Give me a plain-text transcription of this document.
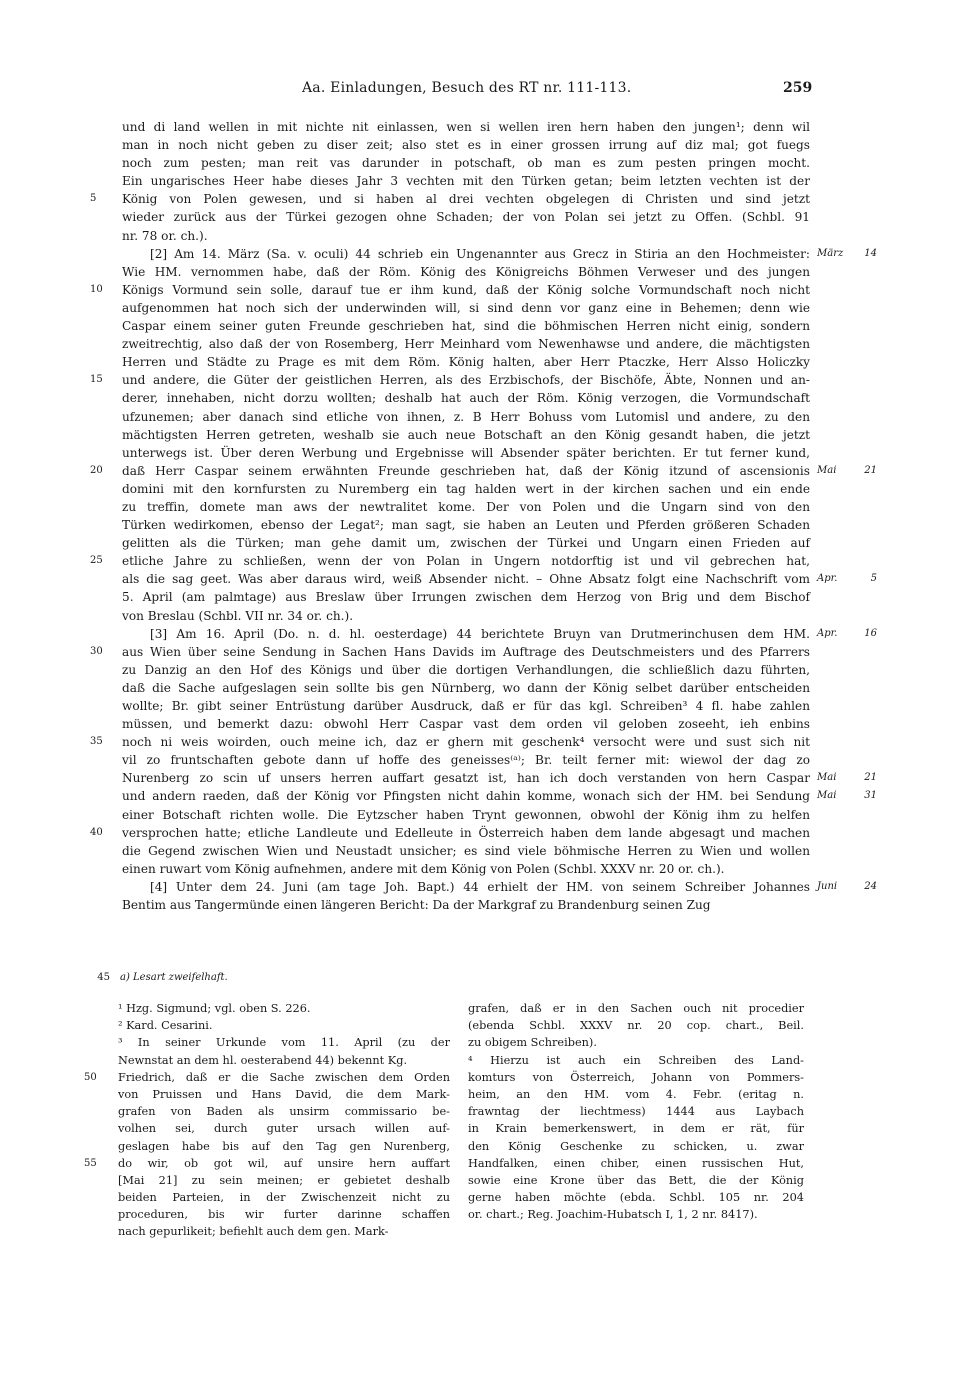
Aa. Einladungen, Besuch des RT nr. 111-113.	259
und di land wellen in mit nichte nit einlassen, wen si wellen iren hern haben den jungen¹; denn wil
man in noch nicht geben zu diser zeit; also stet es in einer grossen irrung auf diz mal; got fuegs
noch zum pesten; man reit vas darunder in potschaft, ob man es zum pesten pringen mocht.
Ein ungarisches Heer habe dieses Jahr 3 vechten mit den Türken getan; beim letzten vechten ist der
König von Polen gewesen, und si haben al drei vechten obgelegen di Christen und sind jetzt
5
wieder zurück aus der Türkei gezogen ohne Schaden; der von Polan sei jetzt zu Offen. (Schbl. 91
nr. 78 or. ch.).
[2] Am 14. März (Sa. v. oculi) 44 schrieb ein Ungenannter aus Grecz in Stiria an den Hochmeister: März 14
Wie HM. vernommen habe, daß der Röm. König des Königreichs Böhmen Verweser und des jungen
Königs Vormund sein solle, darauf tue er ihm kund, daß der König solche Vormundschaft noch nicht
10
aufgenommen hat noch sich der underwinden will, si sind denn vor ganz eine in Behemen; denn wie
Caspar einem seiner guten Freunde geschrieben hat, sind die böhmischen Herren nicht einig, sondern
zweitrechtig, also daß der von Rosemberg, Herr Meinhard vom Newenhawse und andere, die mächtigsten
Herren und Städte zu Prage es mit dem Röm. König halten, aber Herr Ptaczke, Herr Alsso Holiczky
und andere, die Güter der geistlichen Herren, als des Erzbischofs, der Bischöfe, Äbte, Nonnen und an-
15
derer, innehaben, nicht dorzu wollten; deshalb hat auch der Röm. König verzogen, die Vormundschaft
ufzunemen; aber danach sind etliche von ihnen, z. B Herr Bohuss vom Lutomisl und andere, zu den
mächtigsten Herren getreten, weshalb sie auch neue Botschaft an den König gesandt haben, die jetzt
unterwegs ist. Über deren Werbung und Ergebnisse will Absender später berichten. Er tut ferner kund,
daß Herr Caspar seinem erwähnten Freunde geschrieben hat, daß der König itzund of ascensionis
20	Mai 21
domini mit den kornfursten zu Nuremberg ein tag halden wert in der kirchen sachen und ein ende
zu treffin, domete man aws der newtralitet kome. Der von Polen und die Ungarn sind von den
Türken wedirkomen, ebenso der Legat²; man sagt, sie haben an Leuten und Pferden größeren Schaden
gelitten als die Türken; man gehe damit um, zwischen der Türkei und Ungarn einen Frieden auf
etliche Jahre zu schließen, wenn der von Polan in Ungern notdorftig ist und vil gebrechen hat,
25
als die sag geet. Was aber daraus wird, weiß Absender nicht. – Ohne Absatz folgt eine Nachschrift vom Apr. 5
5. April (am palmtage) aus Breslaw über Irrungen zwischen dem Herzog von Brig und dem Bischof
von Breslau (Schbl. VII nr. 34 or. ch.).
[3] Am 16. April (Do. n. d. hl. oesterdage) 44 berichtete Bruyn van Drutmerinchusen dem HM. Apr. 16
aus Wien über seine Sendung in Sachen Hans Davids im Auftrage des Deutschmeisters und des Pfarrers
30
zu Danzig an den Hof des Königs und über die dortigen Verhandlungen, die schließlich dazu führten,
daß die Sache aufgeslagen sein sollte bis gen Nürnberg, wo dann der König selbet darüber entscheiden
wollte; Br. gibt seiner Entrüstung darüber Ausdruck, daß er für das kgl. Schreiben³ 4 fl. habe zahlen
müssen, und bemerkt dazu: obwohl Herr Caspar vast dem orden vil geloben zoseeht, ieh enbins
noch ni weis woirden, ouch meine ich, daz er ghern mit geschenk⁴ versocht were und sust sich nit
35
vil zo fruntschaften gebote dann uf hoffe des geneisses⁽ᵃ⁾; Br. teilt ferner mit: wiewol der dag zo
Nurenberg zo scin uf unsers herren auffart gesatzt ist, han ich doch verstanden von hern Caspar Mai 21
und andern raeden, daß der König vor Pfingsten nicht dahin komme, wonach sich der HM. bei Sendung Mai 31
einer Botschaft richten wolle. Die Eytzscher haben Trynt gewonnen, obwohl der König ihm zu helfen
versprochen hatte; etliche Landleute und Edelleute in Österreich haben dem lande abgesagt und machen
40
die Gegend zwischen Wien und Neustadt unsicher; es sind viele böhmische Herren zu Wien und wollen
einen ruwart vom König aufnehmen, andere mit dem König von Polen (Schbl. XXXV nr. 20 or. ch.).
[4] Unter dem 24. Juni (am tage Joh. Bapt.) 44 erhielt der HM. von seinem Schreiber Johannes Juni 24
Bentim aus Tangermünde einen längeren Bericht: Da der Markgraf zu Brandenburg seinen Zug
45 a) Lesart zweifelhaft.
¹ Hzg. Sigmund; vgl. oben S. 226.
² Kard. Cesarini.
³ In seiner Urkunde vom 11. April (zu der
Newnstat an dem hl. oesterabend 44) bekennt Kg.
Friedrich, daß er die Sache zwischen dem Orden
50
von Pruissen und Hans David, die dem Mark-
grafen von Baden als unsirm commissario be-
volhen sei, durch guter ursach willen auf-
geslagen habe bis auf den Tag gen Nurenberg,
do wir, ob got wil, auf unsire hern auffart
55
[Mai 21] zu sein meinen; er gebietet deshalb
beiden Parteien, in der Zwischenzeit nicht zu
proceduren, bis wir furter darinne schaffen
nach gepurlikeit; befiehlt auch dem gen. Mark-
grafen, daß er in den Sachen ouch nit procedier
(ebenda Schbl. XXXV nr. 20 cop. chart., Beil.
zu obigem Schreiben).
⁴ Hierzu ist auch ein Schreiben des Land-
komturs von Österreich, Johann von Pommers-
heim, an den HM. vom 4. Febr. (eritag n.
frawntag der liechtmess) 1444 aus Laybach
in Krain bemerkenswert, in dem er rät, für
den König Geschenke zu schicken, u. zwar
Handfalken, einen chiber, einen russischen Hut,
sowie eine Krone über das Bett, die der König
gerne haben möchte (ebda. Schbl. 105 nr. 204
or. chart.; Reg. Joachim-Hubatsch I, 1, 2 nr. 8417).
